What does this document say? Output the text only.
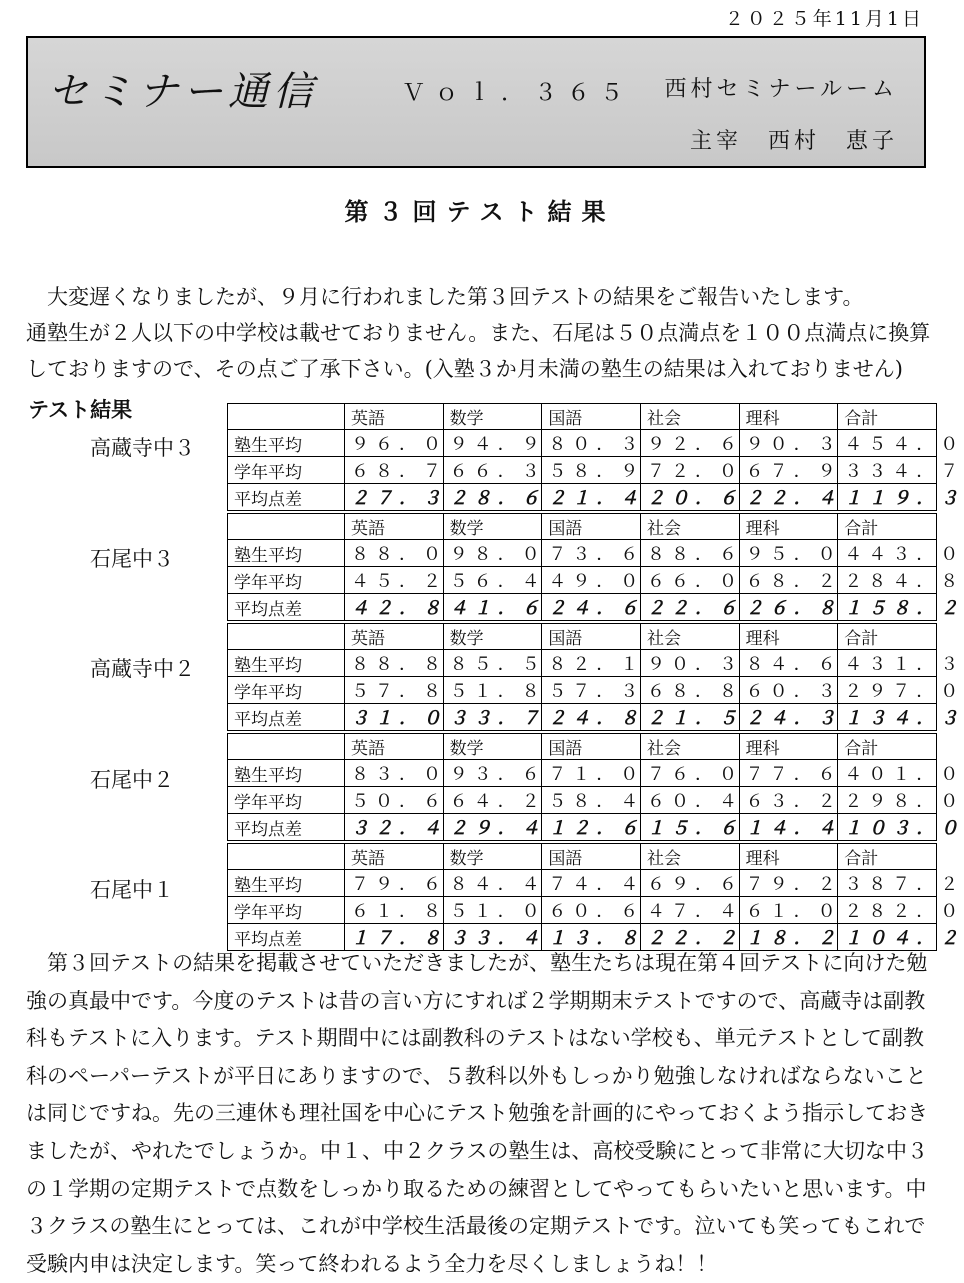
２０２５年11月1日
セミナー通信	Ｖｏｌ．３６５ 西村セミナールーム
主宰　西村　恵子
第３回テスト結果

大変遅くなりましたが、９月に行われました第３回テストの結果をご報告いたします。

通塾生が２人以下の中学校は載せておりません。また、石尾は５０点満点を１００点満点に換算しておりますので、その点ご了承下さい。(入塾３か月未満の塾生の結果は入れておりません)

テスト結果
高蔵寺中３
	英語	数学	国語	社会	理科	合計
塾生平均	９６．０	９４．９	８０．３	９２．６	９０．３	４５４．０
学年平均	６８．７	６６．３	５８．９	７２．０	６７．９	３３４．７
平均点差	２７．３	２８．６	２１．４	２０．６	２２．４	１１９．３
石尾中３
	英語	数学	国語	社会	理科	合計
塾生平均	８８．０	９８．０	７３．６	８８．６	９５．０	４４３．０
学年平均	４５．２	５６．４	４９．０	６６．０	６８．２	２８４．８
平均点差	４２．８	４１．６	２４．６	２２．６	２６．８	１５８．２
高蔵寺中２
	英語	数学	国語	社会	理科	合計
塾生平均	８８．８	８５．５	８２．１	９０．３	８４．６	４３１．３
学年平均	５７．８	５１．８	５７．３	６８．８	６０．３	２９７．０
平均点差	３１．０	３３．７	２４．８	２１．５	２４．３	１３４．３
石尾中２
	英語	数学	国語	社会	理科	合計
塾生平均	８３．０	９３．６	７１．０	７６．０	７７．６	４０１．０
学年平均	５０．６	６４．２	５８．４	６０．４	６３．２	２９８．０
平均点差	３２．４	２９．４	１２．６	１５．６	１４．４	１０３．０
石尾中１
	英語	数学	国語	社会	理科	合計
塾生平均	７９．６	８４．４	７４．４	６９．６	７９．２	３８７．２
学年平均	６１．８	５１．０	６０．６	４７．４	６１．０	２８２．０
平均点差	１７．８	３３．４	１３．８	２２．２	１８．２	１０４．２

第３回テストの結果を掲載させていただきましたが、塾生たちは現在第４回テストに向けた勉強の真最中です。今度のテストは昔の言い方にすれば２学期期末テストですので、高蔵寺は副教科もテストに入ります。テスト期間中には副教科のテストはない学校も、単元テストとして副教科のペーパーテストが平日にありますので、５教科以外もしっかり勉強しなければならないことは同じですね。先の三連休も理社国を中心にテスト勉強を計画的にやっておくよう指示しておきましたが、やれたでしょうか。中１、中２クラスの塾生は、高校受験にとって非常に大切な中３の１学期の定期テストで点数をしっかり取るための練習としてやってもらいたいと思います。中３クラスの塾生にとっては、これが中学校生活最後の定期テストです。泣いても笑ってもこれで受験内申は決定します。笑って終われるよう全力を尽くしましょうね！！
